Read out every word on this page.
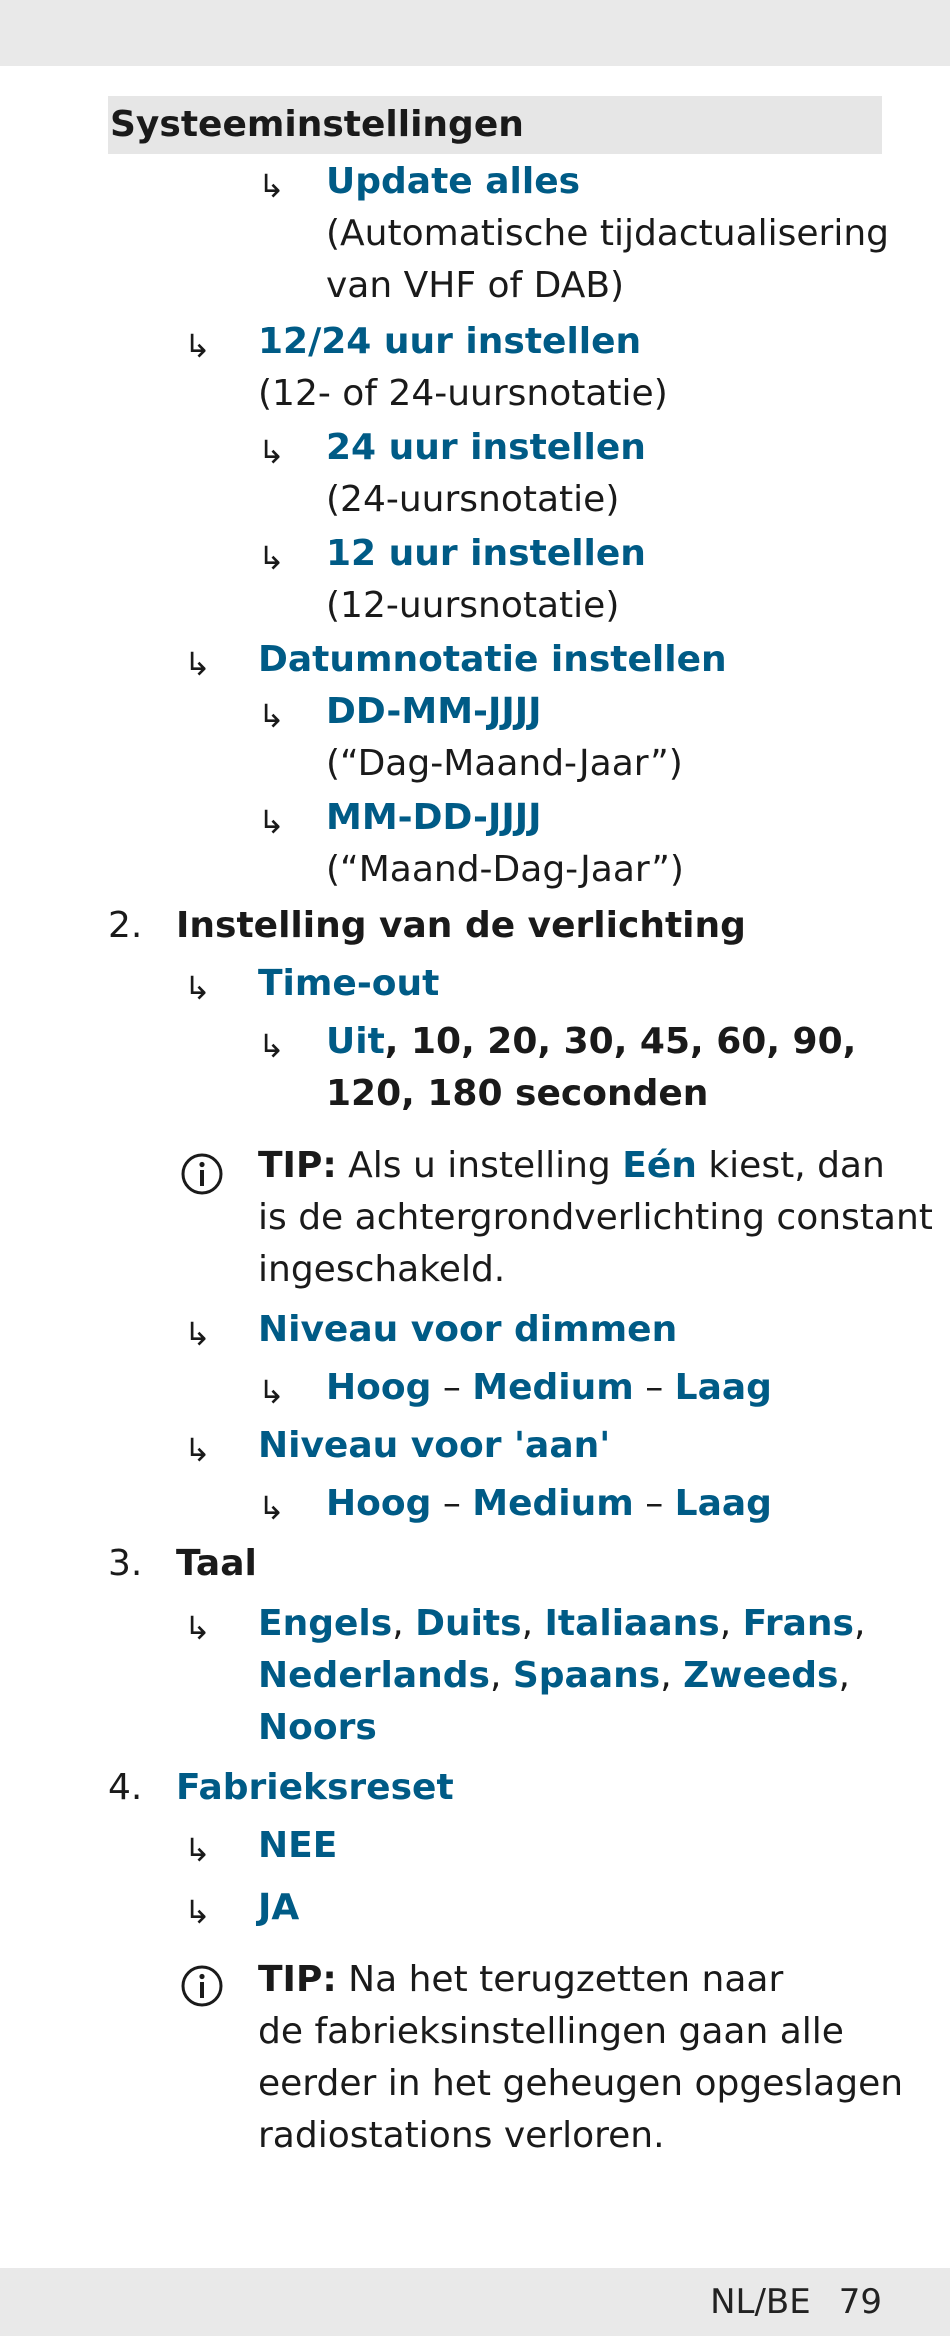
Systeeminstellingen
↳ Update alles
(Automatische tijdactualisering
van VHF of DAB)
↳ 12/24 uur instellen
(12- of 24-uursnotatie)
↳ 24 uur instellen
(24-uursnotatie)
↳ 12 uur instellen
(12-uursnotatie)
↳ Datumnotatie instellen
↳ DD-MM-JJJJ
(“Dag-Maand-Jaar”)
↳ MM-DD-JJJJ
(“Maand-Dag-Jaar”)
2. Instelling van de verlichting
↳ Time-out
↳ Uit, 10, 20, 30, 45, 60, 90,
120, 180 seconden
TIP: Als u instelling Eén kiest, dan
is de achtergrondverlichting constant
ingeschakeld.
↳ Niveau voor dimmen
↳ Hoog – Medium – Laag
↳ Niveau voor 'aan'
↳ Hoog – Medium – Laag
3. Taal
↳ Engels, Duits, Italiaans, Frans,
Nederlands, Spaans, Zweeds,
Noors
4. Fabrieksreset
↳ NEE
↳ JA
TIP: Na het terugzetten naar
de fabrieksinstellingen gaan alle
eerder in het geheugen opgeslagen
radiostations verloren.
NL/BE 79
